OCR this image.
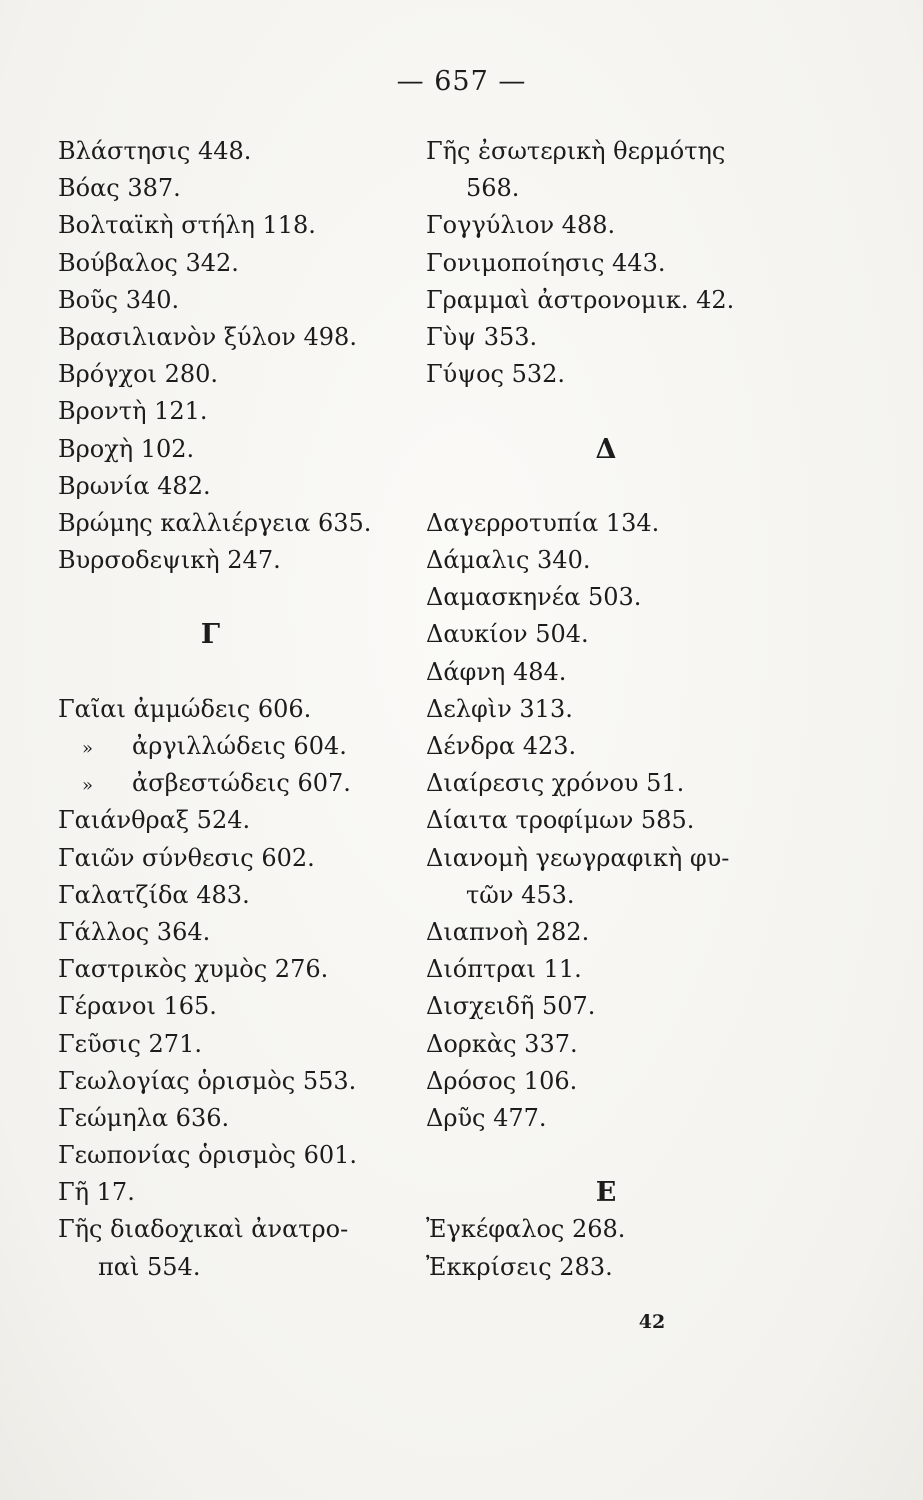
— 657 —
Βλάστησις 448.
Βόας 387.
Βολταϊκὴ στήλη 118.
Βούβαλος 342.
Βοῦς 340.
Βρασιλιανὸν ξύλον 498.
Βρόγχοι 280.
Βροντὴ 121.
Βροχὴ 102.
Βρωνία 482.
Βρώμης καλλιέργεια 635.
Βυρσοδεψικὴ 247.
Γ
Γαῖαι ἀμμώδεις 606.
» ἀργιλλώδεις 604.
» ἀσβεστώδεις 607.
Γαιάνθραξ 524.
Γαιῶν σύνθεσις 602.
Γαλατζίδα 483.
Γάλλος 364.
Γαστρικὸς χυμὸς 276.
Γέρανοι 165.
Γεῦσις 271.
Γεωλογίας ὁρισμὸς 553.
Γεώμηλα 636.
Γεωπονίας ὁρισμὸς 601.
Γῆ 17.
Γῆς διαδοχικαὶ ἀνατρο-
παὶ 554.
Γῆς ἐσωτερικὴ θερμότης
568.
Γογγύλιον 488.
Γονιμοποίησις 443.
Γραμμαὶ ἀστρονομικ. 42.
Γὺψ 353.
Γύψος 532.
Δ
Δαγερροτυπία 134.
Δάμαλις 340.
Δαμασκηνέα 503.
Δαυκίον 504.
Δάφνη 484.
Δελφὶν 313.
Δένδρα 423.
Διαίρεσις χρόνου 51.
Δίαιτα τροφίμων 585.
Διανομὴ γεωγραφικὴ φυ-
τῶν 453.
Διαπνοὴ 282.
Διόπτραι 11.
Δισχειδῆ 507.
Δορκὰς 337.
Δρόσος 106.
Δρῦς 477.
Ε
Ἐγκέφαλος 268.
Ἐκκρίσεις 283.
42
